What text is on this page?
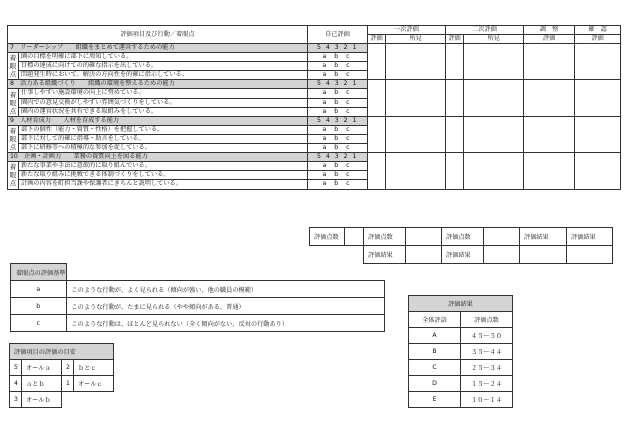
評価項目及び行動／着眼点		自己評価	一次評価		二次評価		調　整	確　認
			評価	所見	評価	所見	評価	評価
7　リーダーシップ　　組織をまとめて運営するための能力		5 4 3 2 1						
着眼点	園の目標を明確に部下に周知している。	a b c						
	目標の達成に向けての的確な指示を出している。	a b c						
	問題発生時において、解決の方向性を的確に指示している。	a b c						
8　活力ある組織づくり　　組織の環境を整えるための能力		5 4 3 2 1						
着眼点	仕事しやすい施設環境の向上に努めている。	a b c						
	園内での意見交換がしやすい雰囲気づくりをしている。	a b c						
	園内の運営状況を共有できる取組みをしている。	a b c						
9　人材育成力　　人材を育成する能力		5 4 3 2 1						
着眼点	部下の個性（能力・資質・性格）を把握している。	a b c						
	部下に対して的確に指導・助言をしている。	a b c						
	部下に研修等への積極的な参加を促している。	a b c						
10　企画・計画力　　業務の資質向上を図る能力		5 4 3 2 1						
着眼点	新たな事業や手法に意欲的に取り組んでいる。	a b c						
	新たな取り組みに挑戦できる体制づくりをしている。	a b c						
	計画の内容を町担当課や保護者にきちんと説明している。	a b c						
評価点数		評価点数		評価点数		評価結果	評価結果
		評価結果		評価結果			
着眼点の評価基準	
a	このような行動が、よく見られる（傾向が強い、他の職員の模範）
b	このような行動が、たまに見られる（やや傾向がある、普通）
c	このような行動は、ほとんど見られない（全く傾向がない、反対の行動あり）
評価項目の評価の目安			
5	オールａ	2	ｂとｃ
4	ａとｂ	1	オールｃ
3	オールｂ		
評価結果	
全体評語	評価点数
A	４５～５０
B	３５～４４
C	２５～３４
D	１５～２４
E	１０～１４
